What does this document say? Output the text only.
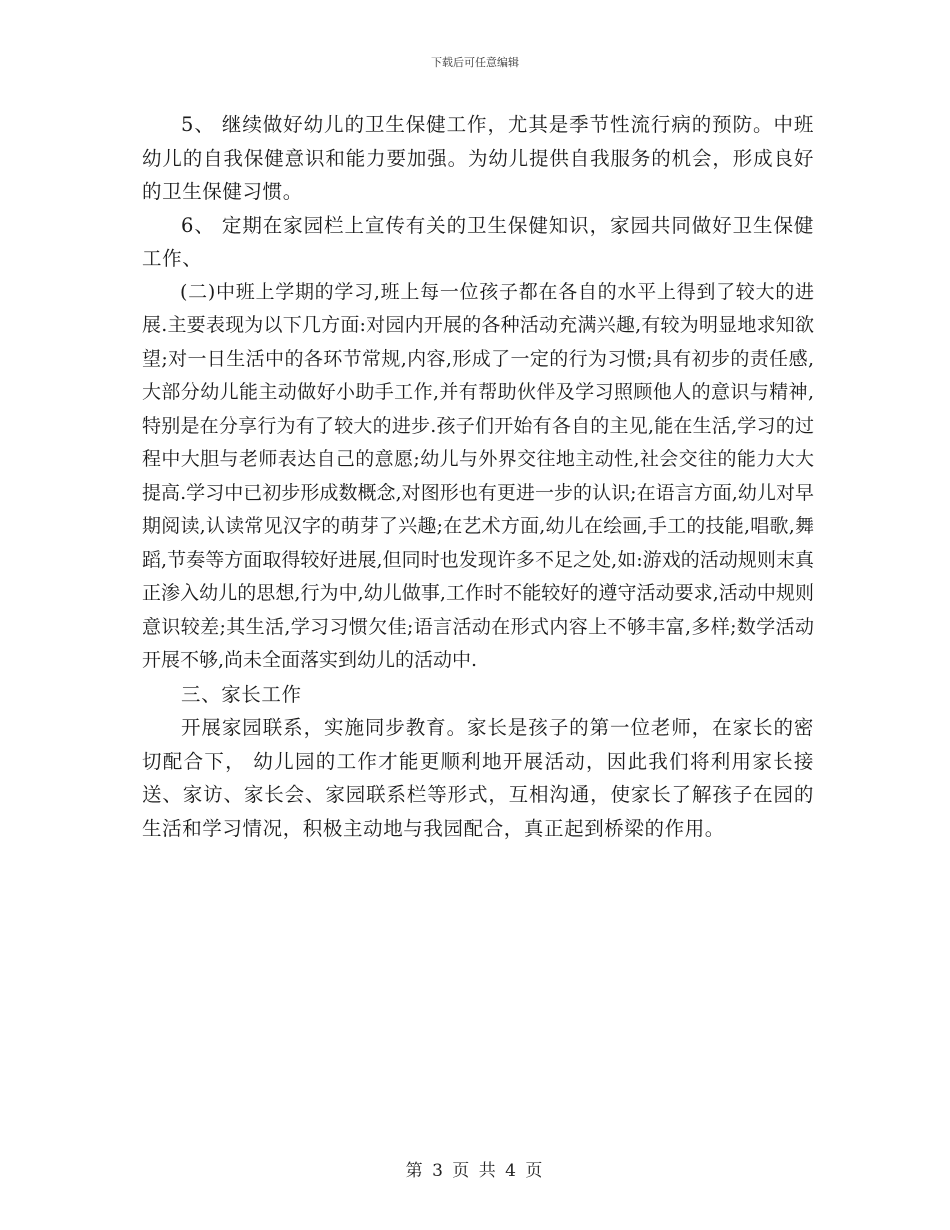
下载后可任意编辑

5、 继续做好幼儿的卫生保健工作，尤其是季节性流行病的预防。中班幼儿的自我保健意识和能力要加强。为幼儿提供自我服务的机会，形成良好的卫生保健习惯。

6、 定期在家园栏上宣传有关的卫生保健知识，家园共同做好卫生保健工作、

(二)中班上学期的学习,班上每一位孩子都在各自的水平上得到了较大的进展.主要表现为以下几方面:对园内开展的各种活动充满兴趣,有较为明显地求知欲望;对一日生活中的各环节常规,内容,形成了一定的行为习惯;具有初步的责任感,大部分幼儿能主动做好小助手工作,并有帮助伙伴及学习照顾他人的意识与精神,特别是在分享行为有了较大的进步.孩子们开始有各自的主见,能在生活,学习的过程中大胆与老师表达自己的意愿;幼儿与外界交往地主动性,社会交往的能力大大提高.学习中已初步形成数概念,对图形也有更进一步的认识;在语言方面,幼儿对早期阅读,认读常见汉字的萌芽了兴趣;在艺术方面,幼儿在绘画,手工的技能,唱歌,舞蹈,节奏等方面取得较好进展,但同时也发现许多不足之处,如:游戏的活动规则末真正渗入幼儿的思想,行为中,幼儿做事,工作时不能较好的遵守活动要求,活动中规则意识较差;其生活,学习习惯欠佳;语言活动在形式内容上不够丰富,多样;数学活动开展不够,尚未全面落实到幼儿的活动中.

三、家长工作

开展家园联系，实施同步教育。家长是孩子的第一位老师，在家长的密切配合下， 幼儿园的工作才能更顺利地开展活动，因此我们将利用家长接送、家访、家长会、家园联系栏等形式，互相沟通，使家长了解孩子在园的生活和学习情况，积极主动地与我园配合，真正起到桥梁的作用。

第 3 页 共 4 页
